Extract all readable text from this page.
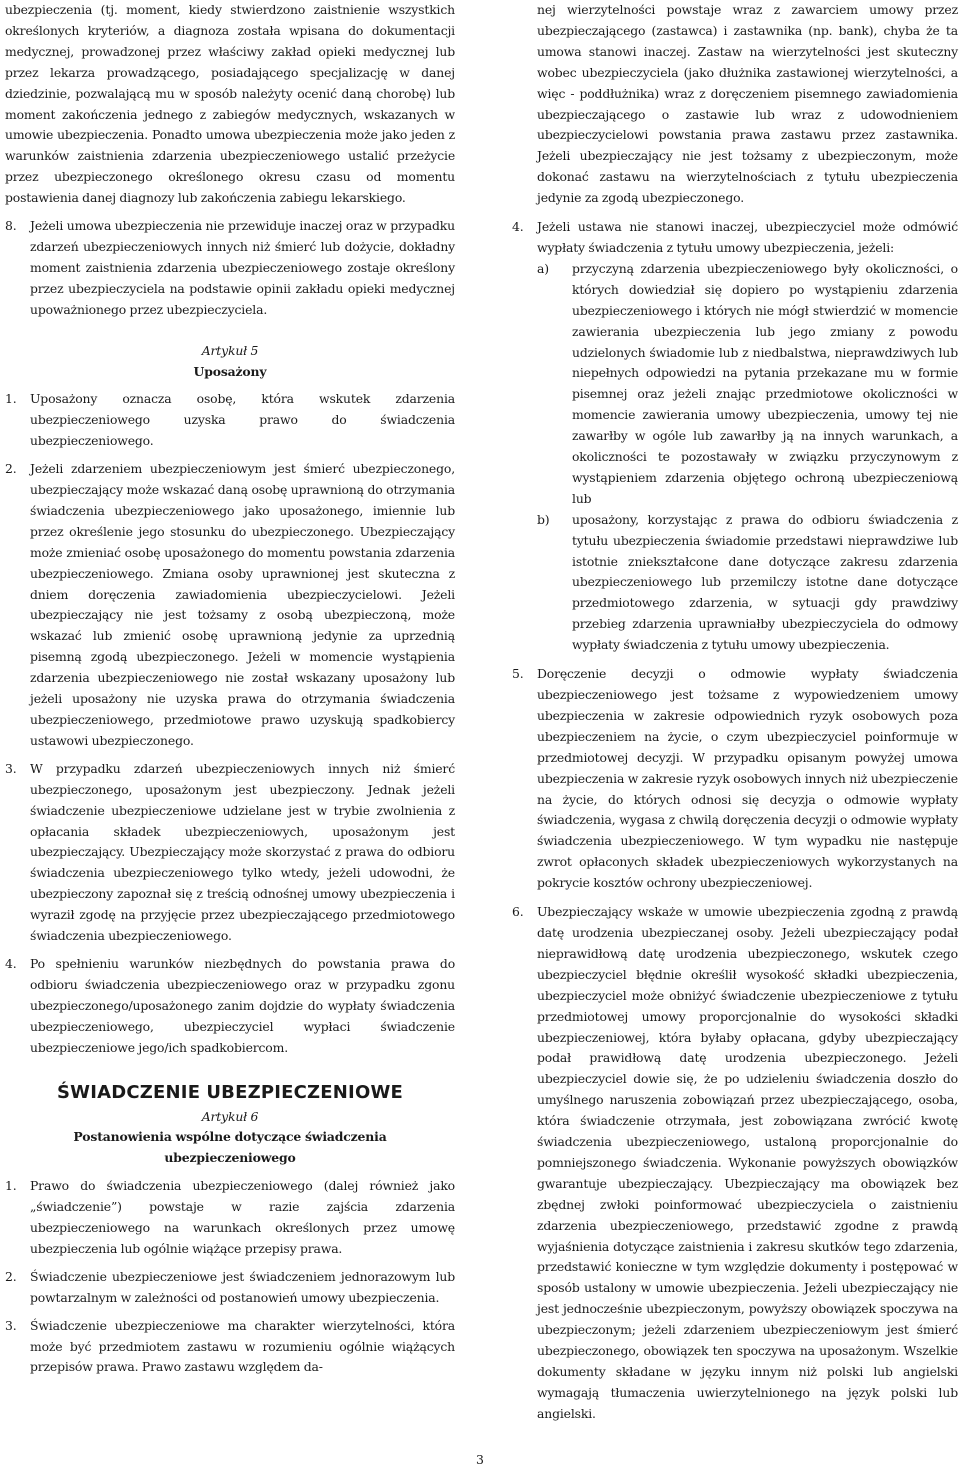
ubezpieczenia (tj. moment, kiedy stwierdzono zaistnienie wszystkich określonych kryteriów, a diagnoza została wpisana do dokumentacji medycznej, prowadzonej przez właściwy zakład opieki medycznej lub przez lekarza prowadzącego, posiadającego specjalizację w danej dziedzinie, pozwalającą mu w sposób należyty ocenić daną chorobę) lub moment zakończenia jednego z zabiegów medycznych, wskazanych w umowie ubezpieczenia. Ponadto umowa ubezpieczenia może jako jeden z warunków zaistnienia zdarzenia ubezpieczeniowego ustalić przeżycie przez ubezpieczonego określonego okresu czasu od momentu postawienia danej diagnozy lub zakończenia zabiegu lekarskiego.

8.	Jeżeli umowa ubezpieczenia nie przewiduje inaczej oraz w przypadku zdarzeń ubezpieczeniowych innych niż śmierć lub dożycie, dokładny moment zaistnienia zdarzenia ubezpieczeniowego zostaje określony przez ubezpieczyciela na podstawie opinii zakładu opieki medycznej upoważnionego przez ubezpieczyciela.
Artykuł 5
Uposażony
1.	Uposażony oznacza osobę, która wskutek zdarzenia ubezpieczeniowego uzyska prawo do świadczenia ubezpieczeniowego.
2.	Jeżeli zdarzeniem ubezpieczeniowym jest śmierć ubezpieczonego, ubezpieczający może wskazać daną osobę uprawnioną do otrzymania świadczenia ubezpieczeniowego jako uposażonego, imiennie lub przez określenie jego stosunku do ubezpieczonego. Ubezpieczający może zmieniać osobę uposażonego do momentu powstania zdarzenia ubezpieczeniowego. Zmiana osoby uprawnionej jest skuteczna z dniem doręczenia zawiadomienia ubezpieczycielowi. Jeżeli ubezpieczający nie jest tożsamy z osobą ubezpieczoną, może wskazać lub zmienić osobę uprawnioną jedynie za uprzednią pisemną zgodą ubezpieczonego. Jeżeli w momencie wystąpienia zdarzenia ubezpieczeniowego nie został wskazany uposażony lub jeżeli uposażony nie uzyska prawa do otrzymania świadczenia ubezpieczeniowego, przedmiotowe prawo uzyskują spadkobiercy ustawowi ubezpieczonego.
3.	W przypadku zdarzeń ubezpieczeniowych innych niż śmierć ubezpieczonego, uposażonym jest ubezpieczony. Jednak jeżeli świadczenie ubezpieczeniowe udzielane jest w trybie zwolnienia z opłacania składek ubezpieczeniowych, uposażonym jest ubezpieczający. Ubezpieczający może skorzystać z prawa do odbioru świadczenia ubezpieczeniowego tylko wtedy, jeżeli udowodni, że ubezpieczony zapoznał się z treścią odnośnej umowy ubezpieczenia i wyraził zgodę na przyjęcie przez ubezpieczającego przedmiotowego świadczenia ubezpieczeniowego.
4.	Po spełnieniu warunków niezbędnych do powstania prawa do odbioru świadczenia ubezpieczeniowego oraz w przypadku zgonu ubezpieczonego/uposażonego zanim dojdzie do wypłaty świadczenia ubezpieczeniowego, ubezpieczyciel wypłaci świadczenie ubezpieczeniowe jego/ich spadkobiercom.
ŚWIADCZENIE UBEZPIECZENIOWE
Artykuł 6
Postanowienia wspólne dotyczące świadczenia ubezpieczeniowego
1.	Prawo do świadczenia ubezpieczeniowego (dalej również jako „świadczenie”) powstaje w razie zajścia zdarzenia ubezpieczeniowego na warunkach określonych przez umowę ubezpieczenia lub ogólnie wiążące przepisy prawa.
2.	Świadczenie ubezpieczeniowe jest świadczeniem jednorazowym lub powtarzalnym w zależności od postanowień umowy ubezpieczenia.
3.	Świadczenie ubezpieczeniowe ma charakter wierzytelności, która może być przedmiotem zastawu w rozumieniu ogólnie wiążących przepisów prawa. Prawo zastawu względem da-

nej wierzytelności powstaje wraz z zawarciem umowy przez ubezpieczającego (zastawca) i zastawnika (np. bank), chyba że ta umowa stanowi inaczej. Zastaw na wierzytelności jest skuteczny wobec ubezpieczyciela (jako dłużnika zastawionej wierzytelności, a więc - poddłużnika) wraz z doręczeniem pisemnego zawiadomienia ubezpieczającego o zastawie lub wraz z udowodnieniem ubezpieczycielowi powstania prawa zastawu przez zastawnika. Jeżeli ubezpieczający nie jest tożsamy z ubezpieczonym, może dokonać zastawu na wierzytelnościach z tytułu ubezpieczenia jedynie za zgodą ubezpieczonego.

4.	Jeżeli ustawa nie stanowi inaczej, ubezpieczyciel może odmówić wypłaty świadczenia z tytułu umowy ubezpieczenia, jeżeli:

a)	przyczyną zdarzenia ubezpieczeniowego były okoliczności, o których dowiedział się dopiero po wystąpieniu zdarzenia ubezpieczeniowego i których nie mógł stwierdzić w momencie zawierania ubezpieczenia lub jego zmiany z powodu udzielonych świadomie lub z niedbalstwa, nieprawdziwych lub niepełnych odpowiedzi na pytania przekazane mu w formie pisemnej oraz jeżeli znając przedmiotowe okoliczności w momencie zawierania umowy ubezpieczenia, umowy tej nie zawarłby w ogóle lub zawarłby ją na innych warunkach, a okoliczności te pozostawały w związku przyczynowym z wystąpieniem zdarzenia objętego ochroną ubezpieczeniową lub
b)	uposażony, korzystając z prawa do odbioru świadczenia z tytułu ubezpieczenia świadomie przedstawi nieprawdziwe lub istotnie zniekształcone dane dotyczące zakresu zdarzenia ubezpieczeniowego lub przemilczy istotne dane dotyczące przedmiotowego zdarzenia, w sytuacji gdy prawdziwy przebieg zdarzenia uprawniałby ubezpieczyciela do odmowy wypłaty świadczenia z tytułu umowy ubezpieczenia.
5.	Doręczenie decyzji o odmowie wypłaty świadczenia ubezpieczeniowego jest tożsame z wypowiedzeniem umowy ubezpieczenia w zakresie odpowiednich ryzyk osobowych poza ubezpieczeniem na życie, o czym ubezpieczyciel poinformuje w przedmiotowej decyzji. W przypadku opisanym powyżej umowa ubezpieczenia w zakresie ryzyk osobowych innych niż ubezpieczenie na życie, do których odnosi się decyzja o odmowie wypłaty świadczenia, wygasa z chwilą doręczenia decyzji o odmowie wypłaty świadczenia ubezpieczeniowego. W tym wypadku nie następuje zwrot opłaconych składek ubezpieczeniowych wykorzystanych na pokrycie kosztów ochrony ubezpieczeniowej.
6.	Ubezpieczający wskaże w umowie ubezpieczenia zgodną z prawdą datę urodzenia ubezpieczanej osoby. Jeżeli ubezpieczający podał nieprawidłową datę urodzenia ubezpieczonego, wskutek czego ubezpieczyciel błędnie określił wysokość składki ubezpieczenia, ubezpieczyciel może obniżyć świadczenie ubezpieczeniowe z tytułu przedmiotowej umowy proporcjonalnie do wysokości składki ubezpieczeniowej, która byłaby opłacana, gdyby ubezpieczający podał prawidłową datę urodzenia ubezpieczonego. Jeżeli ubezpieczyciel dowie się, że po udzieleniu świadczenia doszło do umyślnego naruszenia zobowiązań przez ubezpieczającego, osoba, która świadczenie otrzymała, jest zobowiązana zwrócić kwotę świadczenia ubezpieczeniowego, ustaloną proporcjonalnie do pomniejszonego świadczenia. Wykonanie powyższych obowiązków gwarantuje ubezpieczający. Ubezpieczający ma obowiązek bez zbędnej zwłoki poinformować ubezpieczyciela o zaistnieniu zdarzenia ubezpieczeniowego, przedstawić zgodne z prawdą wyjaśnienia dotyczące zaistnienia i zakresu skutków tego zdarzenia, przedstawić konieczne w tym względzie dokumenty i postępować w sposób ustalony w umowie ubezpieczenia. Jeżeli ubezpieczający nie jest jednocześnie ubezpieczonym, powyższy obowiązek spoczywa na ubezpieczonym; jeżeli zdarzeniem ubezpieczeniowym jest śmierć ubezpieczonego, obowiązek ten spoczywa na uposażonym. Wszelkie dokumenty składane w języku innym niż polski lub angielski wymagają tłumaczenia uwierzytelnionego na język polski lub angielski.
3
